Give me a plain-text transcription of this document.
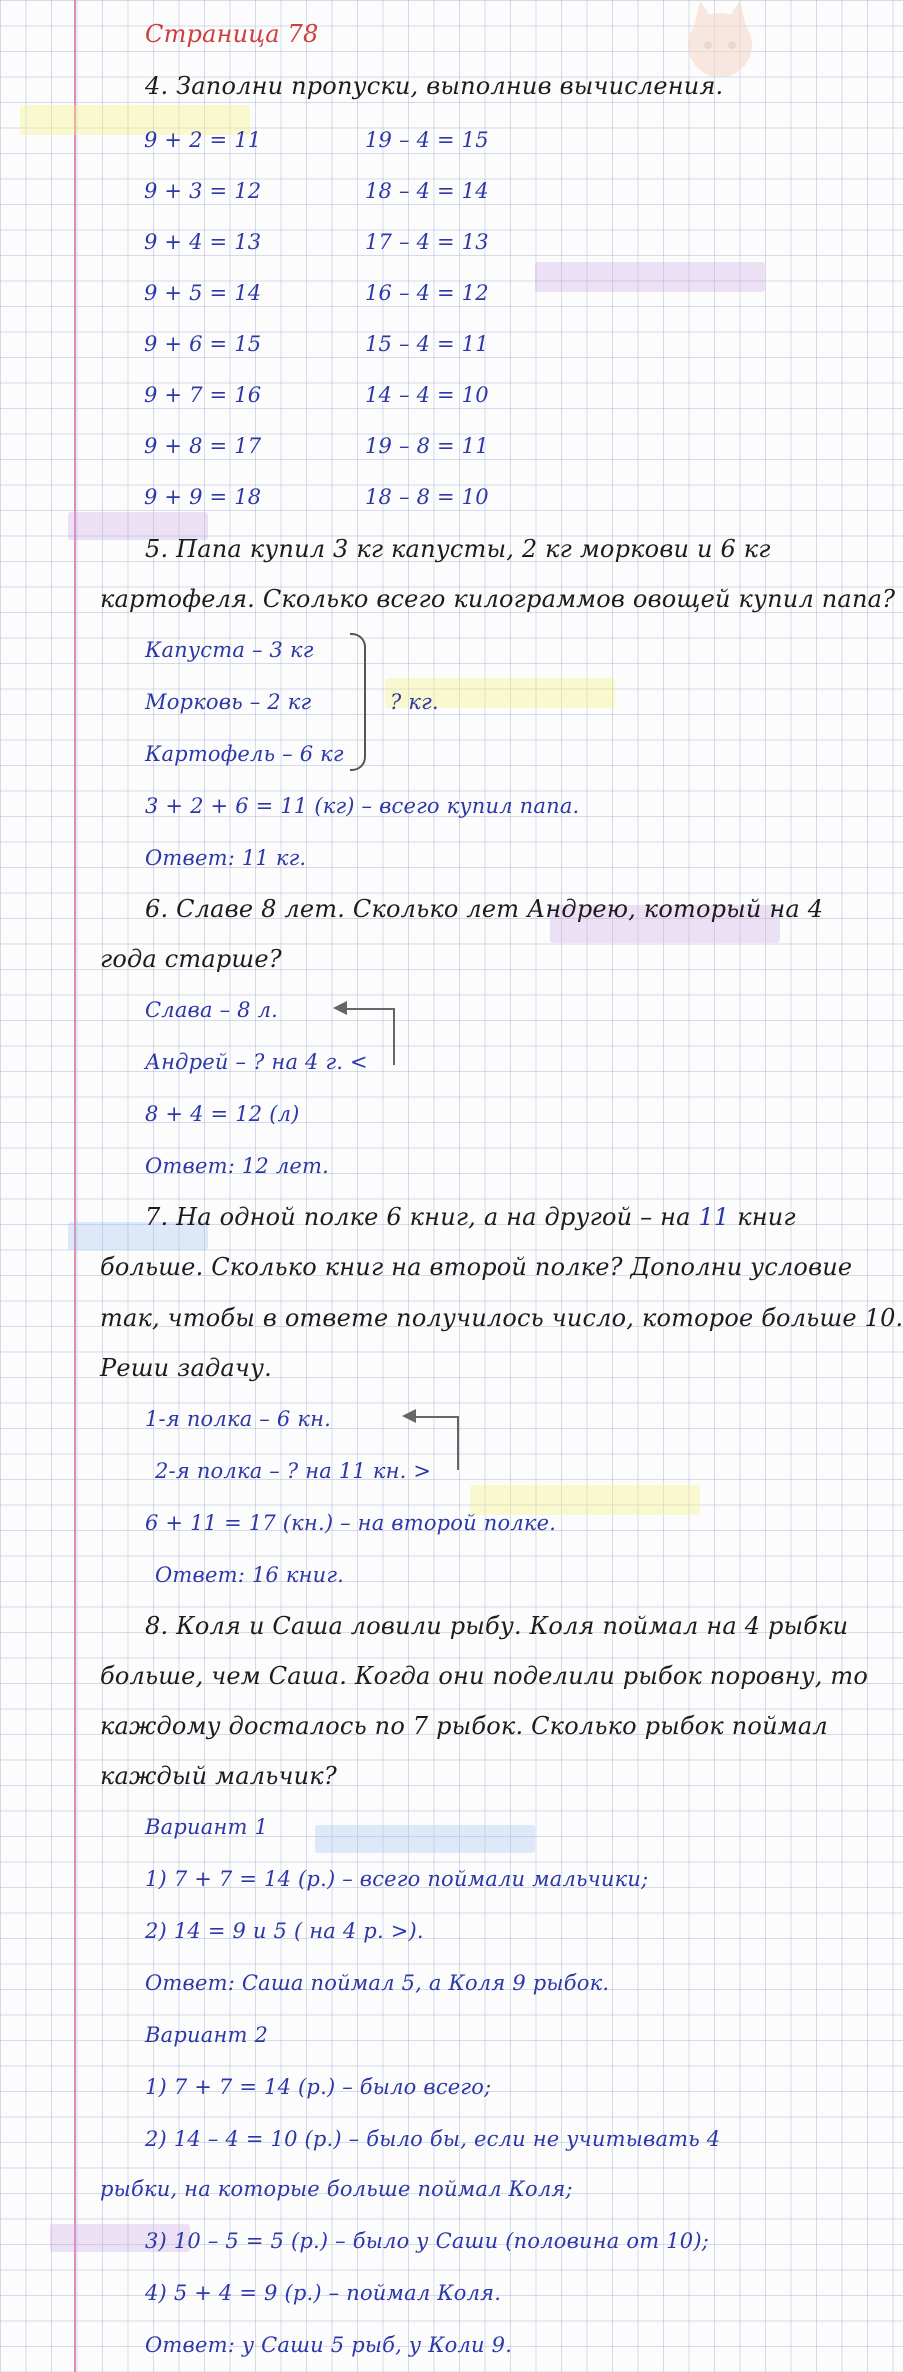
Страница 78
4. Заполни пропуски, выполнив вычисления.
9 + 2 = 11	19 – 4 = 15
9 + 3 = 12	18 – 4 = 14
9 + 4 = 13	17 – 4 = 13
9 + 5 = 14	16 – 4 = 12
9 + 6 = 15	15 – 4 = 11
9 + 7 = 16	14 – 4 = 10
9 + 8 = 17	19 – 8 = 11
9 + 9 = 18	18 – 8 = 10
5. Папа купил 3 кг капусты, 2 кг моркови и 6 кг
картофеля. Сколько всего килограммов овощей купил папа?
Капуста – 3 кг
Морковь – 2 кг
Картофель – 6 кг
? кг.
3 + 2 + 6 = 11 (кг) – всего купил папа.
Ответ: 11 кг.
6. Славе 8 лет. Сколько лет Андрею, который на 4
года старше?
Слава – 8 л.
Андрей – ? на 4 г. <
8 + 4 = 12 (л)
Ответ: 12 лет.
7. На одной полке 6 книг, а на другой – на 11 книг
больше. Сколько книг на второй полке? Дополни условие
так, чтобы в ответе получилось число, которое больше 10.
Реши задачу.
1-я полка – 6 кн.
2-я полка – ? на 11 кн. >
6 + 11 = 17 (кн.) – на второй полке.
Ответ: 16 книг.
8. Коля и Саша ловили рыбу. Коля поймал на 4 рыбки
больше, чем Саша. Когда они поделили рыбок поровну, то
каждому досталось по 7 рыбок. Сколько рыбок поймал
каждый мальчик?
Вариант 1
1) 7 + 7 = 14 (р.) – всего поймали мальчики;
2) 14 = 9 и 5 ( на 4 р. >).
Ответ: Саша поймал 5, а Коля 9 рыбок.
Вариант 2
1) 7 + 7 = 14 (р.) – было всего;
2) 14 – 4 = 10 (р.) – было бы, если не учитывать 4
рыбки, на которые больше поймал Коля;
3) 10 – 5 = 5 (р.) – было у Саши (половина от 10);
4) 5 + 4 = 9 (р.) – поймал Коля.
Ответ: у Саши 5 рыб, у Коли 9.
